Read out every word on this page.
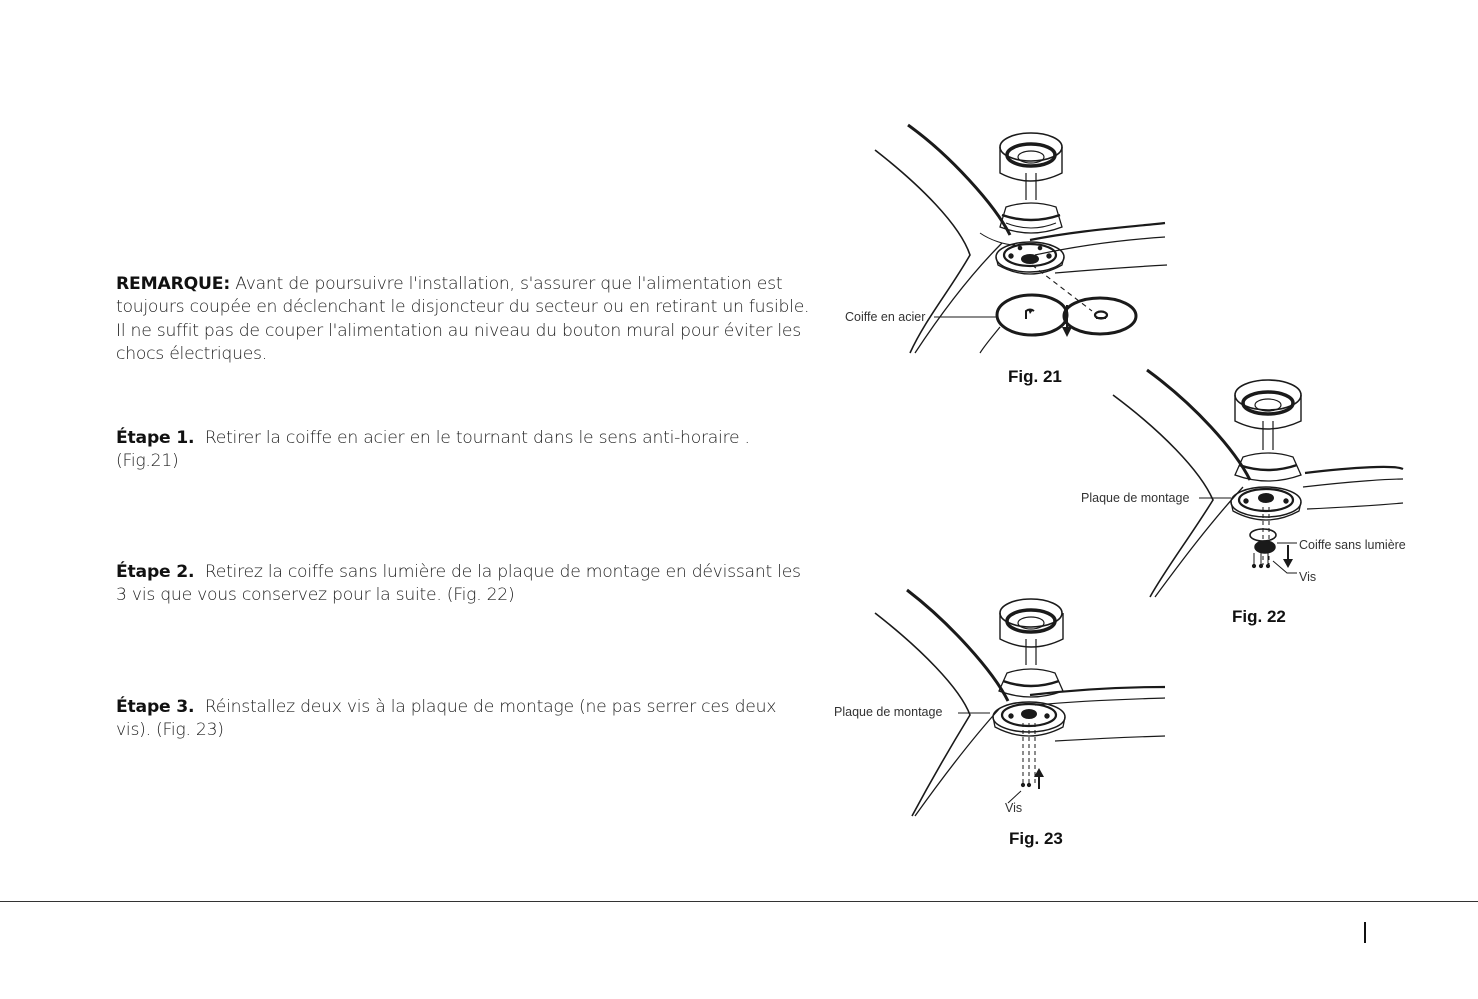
REMARQUE: Avant de poursuivre l'installation, s'assurer que l'alimentation est toujours coupée en déclenchant le disjoncteur du secteur ou en retirant un fusible. Il ne suffit pas de couper l'alimentation au niveau du bouton mural pour éviter les chocs électriques.
Étape 1. Retirer la coiffe en acier en le tournant dans le sens anti-horaire . (Fig.21)
Étape 2. Retirez la coiffe sans lumière de la plaque de montage en dévissant les 3 vis que vous conservez pour la suite. (Fig. 22)
Étape 3. Réinstallez deux vis à la plaque de montage (ne pas serrer ces deux vis). (Fig. 23)
Coiffe en acier
Fig. 21
Plaque de montage
Coiffe sans lumière
Vis
Fig. 22
Plaque de montage
Vis
Fig. 23
